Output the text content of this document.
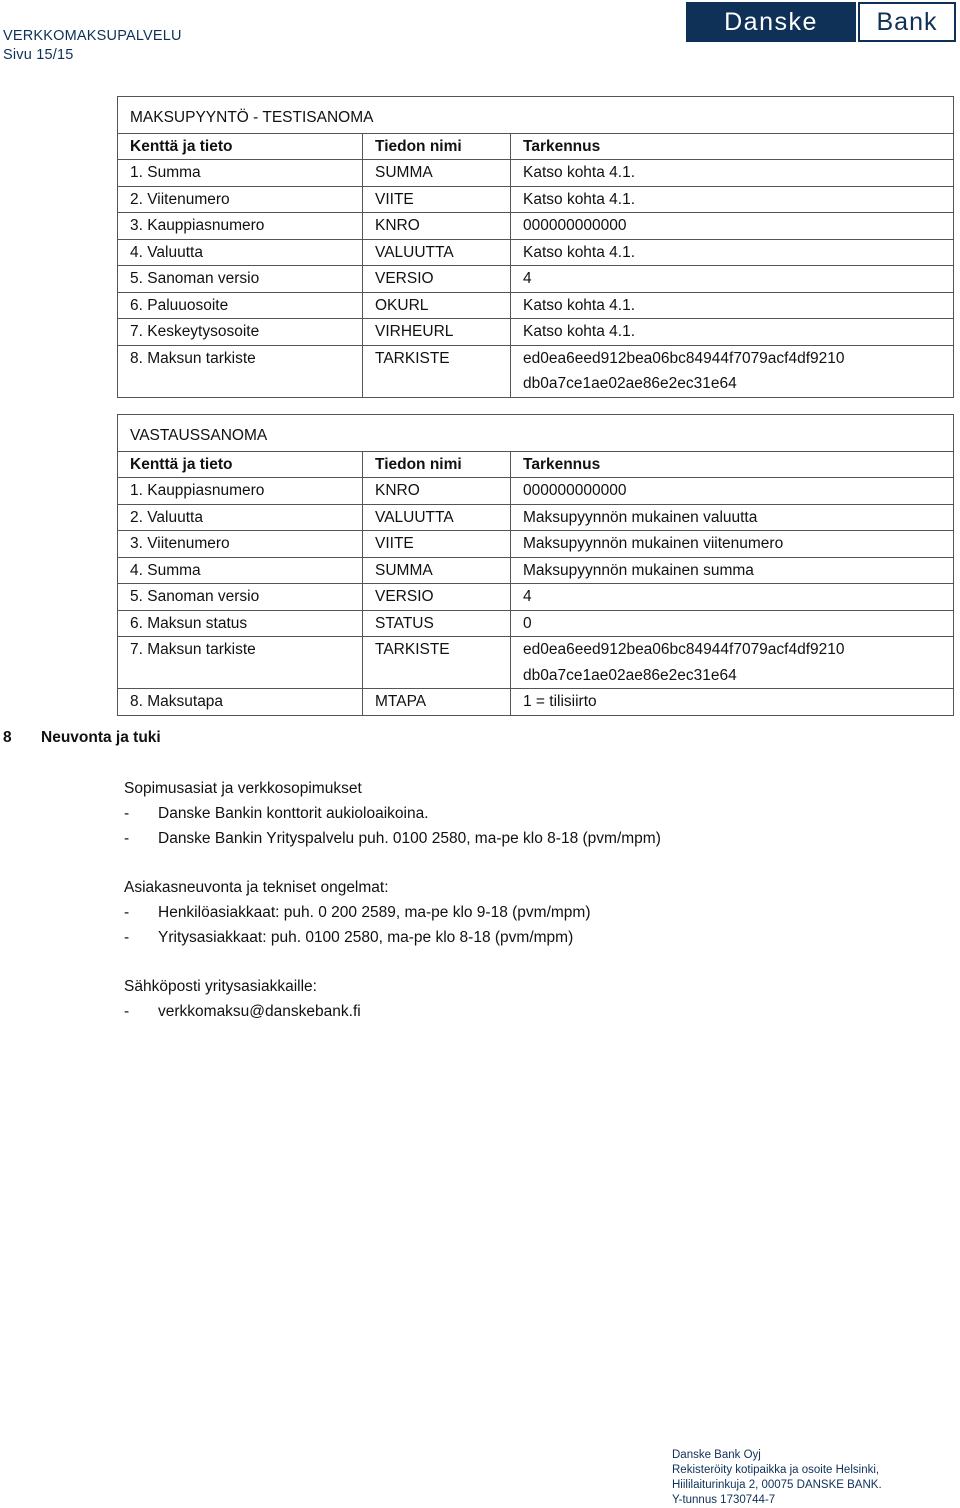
VERKKOMAKSUPALVELU
Sivu 15/15
Danske	Bank
MAKSUPYYNTÖ - TESTISANOMA		
Kenttä ja tieto	Tiedon nimi	Tarkennus
1. Summa	SUMMA	Katso kohta 4.1.
2. Viitenumero	VIITE	Katso kohta 4.1.
3. Kauppiasnumero	KNRO	000000000000
4. Valuutta	VALUUTTA	Katso kohta 4.1.
5. Sanoman versio	VERSIO	4
6. Paluuosoite	OKURL	Katso kohta 4.1.
7. Keskeytysosoite	VIRHEURL	Katso kohta 4.1.
8. Maksun tarkiste	TARKISTE	ed0ea6eed912bea06bc84944f7079acf4df9210
db0a7ce1ae02ae86e2ec31e64
VASTAUSSANOMA		
Kenttä ja tieto	Tiedon nimi	Tarkennus
1. Kauppiasnumero	KNRO	000000000000
2. Valuutta	VALUUTTA	Maksupyynnön mukainen valuutta
3. Viitenumero	VIITE	Maksupyynnön mukainen viitenumero
4. Summa	SUMMA	Maksupyynnön mukainen summa
5. Sanoman versio	VERSIO	4
6. Maksun status	STATUS	0
7. Maksun tarkiste	TARKISTE	ed0ea6eed912bea06bc84944f7079acf4df9210
db0a7ce1ae02ae86e2ec31e64

8. Maksutapa	MTAPA	1 = tilisiirto
8	Neuvonta ja tuki
Sopimusasiat ja verkkosopimukset
-	Danske Bankin konttorit aukioloaikoina.
-	Danske Bankin Yrityspalvelu puh. 0100 2580, ma-pe klo 8-18 (pvm/mpm)
Asiakasneuvonta ja tekniset ongelmat:
-	Henkilöasiakkaat: puh. 0 200 2589, ma-pe klo 9-18 (pvm/mpm)
-	Yritysasiakkaat: puh. 0100 2580, ma-pe klo 8-18 (pvm/mpm)
Sähköposti yritysasiakkaille:
-	verkkomaksu@danskebank.fi
Danske Bank Oyj
Rekisteröity kotipaikka ja osoite Helsinki,
Hiililaiturinkuja 2, 00075 DANSKE BANK.
Y-tunnus 1730744-7
